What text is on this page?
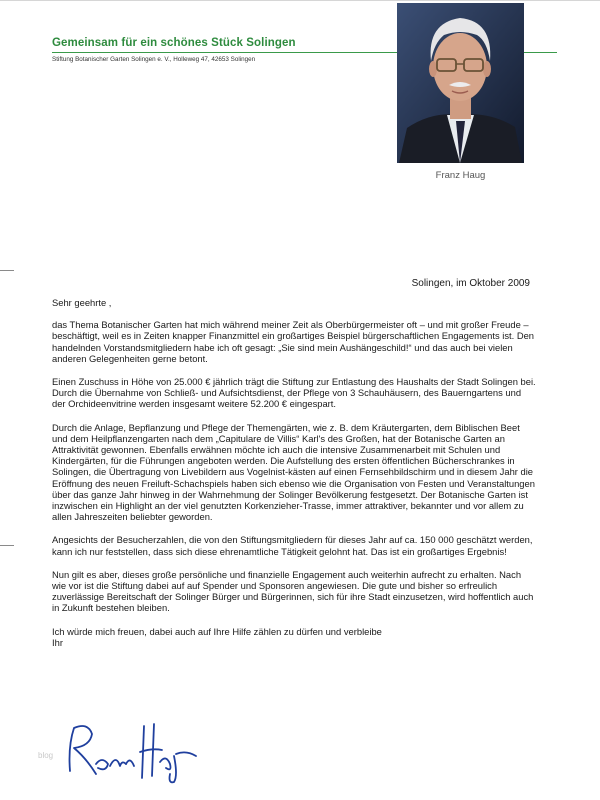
Gemeinsam für ein schönes Stück Solingen
Stiftung Botanischer Garten Solingen e. V., Holleweg 47, 42653 Solingen
Franz Haug
Solingen, im Oktober 2009

Sehr geehrte ,

das Thema Botanischer Garten hat mich während meiner Zeit als Oberbürgermeister oft – und mit großer Freude – beschäftigt, weil es in Zeiten knapper Finanzmittel ein großartiges Beispiel bürgerschaftlichen Engagements ist. Den handelnden Vorstandsmitgliedern habe ich oft gesagt: „Sie sind mein Aushängeschild!“ und das auch bei vielen anderen Gelegenheiten gerne betont.

Einen Zuschuss in Höhe von 25.000 € jährlich trägt die Stiftung zur Entlastung des Haushalts der Stadt Solingen bei. Durch die Übernahme von Schließ- und Aufsichtsdienst, der Pflege von 3 Schauhäusern, des Bauerngartens und der Orchideenvitrine werden insgesamt weitere 52.200 € eingespart.

Durch die Anlage, Bepflanzung und Pflege der Themengärten, wie z. B. dem Kräutergarten, dem Biblischen Beet und dem Heilpflanzengarten nach dem „Capitulare de Villis“ Karl's des Großen, hat der Botanische Garten an Attraktivität gewonnen. Ebenfalls erwähnen möchte ich auch die intensive Zusammenarbeit mit Schulen und Kindergärten, für die Führungen angeboten werden. Die Aufstellung des ersten öffentlichen Bücherschrankes in Solingen, die Übertragung von Livebildern aus Vogelnist-kästen auf einen Fernsehbildschirm und in diesem Jahr die Eröffnung des neuen Freiluft-Schachspiels haben sich ebenso wie die Organisation von Festen und Veranstaltungen über das ganze Jahr hinweg in der Wahrnehmung der Solinger Bevölkerung festgesetzt. Der Botanische Garten ist inzwischen ein Highlight an der viel genutzten Korkenzieher-Trasse, immer attraktiver, bekannter und vor allem zu allen Jahreszeiten beliebter geworden.

Angesichts der Besucherzahlen, die von den Stiftungsmitgliedern für dieses Jahr auf ca. 150 000 geschätzt werden, kann ich nur feststellen, dass sich diese ehrenamtliche Tätigkeit gelohnt hat. Das ist ein großartiges Ergebnis!

Nun gilt es aber, dieses große persönliche und finanzielle Engagement auch weiterhin aufrecht zu erhalten. Nach wie vor ist die Stiftung dabei auf auf Spender und Sponsoren angewiesen. Die gute und bisher so erfreulich zuverlässige Bereitschaft der Solinger Bürger und Bürgerinnen, sich für ihre Stadt einzusetzen, wird hoffentlich auch in Zukunft bestehen bleiben.

Ich würde mich freuen, dabei auch auf Ihre Hilfe zählen zu dürfen und verbleibe

Ihr

blog
